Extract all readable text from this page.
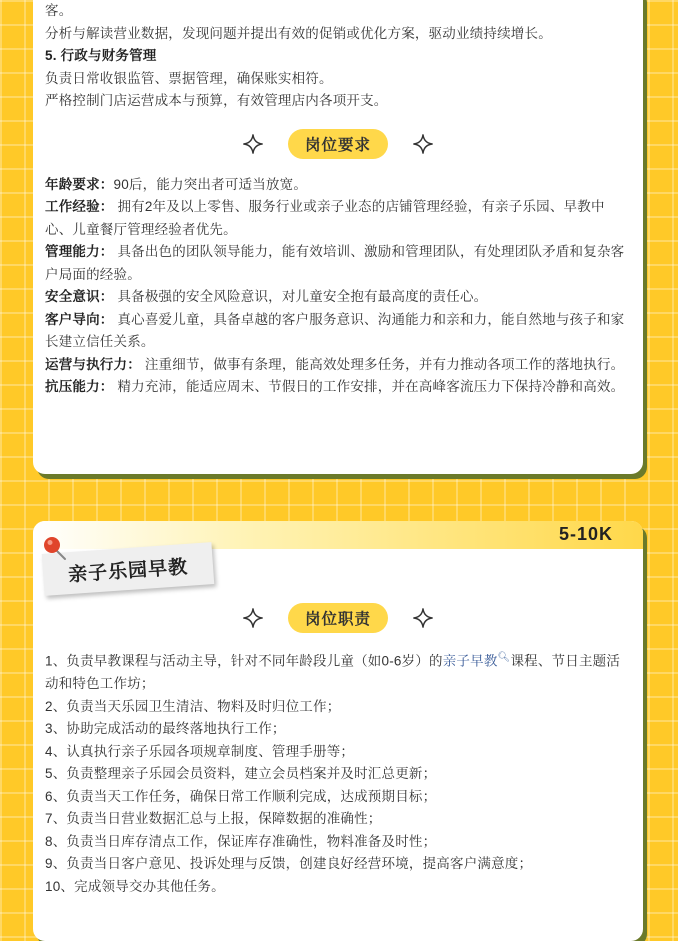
客。

分析与解读营业数据，发现问题并提出有效的促销或优化方案，驱动业绩持续增长。

5. 行政与财务管理

负责日常收银监管、票据管理，确保账实相符。

严格控制门店运营成本与预算，有效管理店内各项开支。

岗位要求

年龄要求：90后，能力突出者可适当放宽。

工作经验： 拥有2年及以上零售、服务行业或亲子业态的店铺管理经验，有亲子乐园、早教中心、儿童餐厅管理经验者优先。

管理能力： 具备出色的团队领导能力，能有效培训、激励和管理团队，有处理团队矛盾和复杂客户局面的经验。

安全意识： 具备极强的安全风险意识，对儿童安全抱有最高度的责任心。

客户导向： 真心喜爱儿童，具备卓越的客户服务意识、沟通能力和亲和力，能自然地与孩子和家长建立信任关系。

运营与执行力： 注重细节，做事有条理，能高效处理多任务，并有力推动各项工作的落地执行。

抗压能力： 精力充沛，能适应周末、节假日的工作安排，并在高峰客流压力下保持冷静和高效。

5-10K
亲子乐园早教
岗位职责

1、负责早教课程与活动主导，针对不同年龄段儿童（如0-6岁）的亲子早教🔍︎课程、节日主题活动和特色工作坊；

2、负责当天乐园卫生清洁、物料及时归位工作；

3、协助完成活动的最终落地执行工作；

4、认真执行亲子乐园各项规章制度、管理手册等；

5、负责整理亲子乐园会员资料，建立会员档案并及时汇总更新；

6、负责当天工作任务，确保日常工作顺利完成，达成预期目标；

7、负责当日营业数据汇总与上报，保障数据的准确性；

8、负责当日库存清点工作，保证库存准确性，物料准备及时性；

9、负责当日客户意见、投诉处理与反馈，创建良好经营环境，提高客户满意度；

10、完成领导交办其他任务。
